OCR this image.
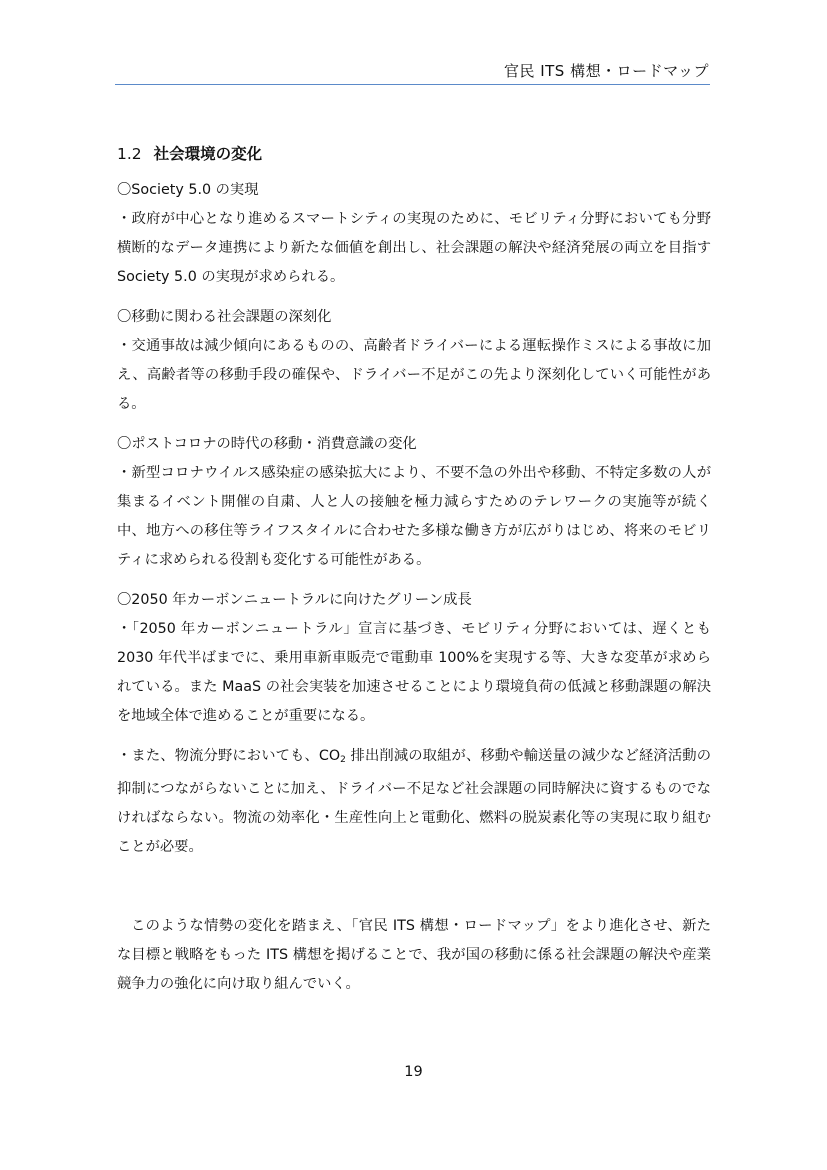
官民 ITS 構想・ロードマップ
1.2 社会環境の変化

〇Society 5.0 の実現

・政府が中心となり進めるスマートシティの実現のために、モビリティ分野においても分野横断的なデータ連携により新たな価値を創出し、社会課題の解決や経済発展の両立を目指す Society 5.0 の実現が求められる。

〇移動に関わる社会課題の深刻化

・交通事故は減少傾向にあるものの、高齢者ドライバーによる運転操作ミスによる事故に加え、高齢者等の移動手段の確保や、ドライバー不足がこの先より深刻化していく可能性がある。

〇ポストコロナの時代の移動・消費意識の変化

・新型コロナウイルス感染症の感染拡大により、不要不急の外出や移動、不特定多数の人が集まるイベント開催の自粛、人と人の接触を極力減らすためのテレワークの実施等が続く中、地方への移住等ライフスタイルに合わせた多様な働き方が広がりはじめ、将来のモビリティに求められる役割も変化する可能性がある。

〇2050 年カーボンニュートラルに向けたグリーン成長

・「2050 年カーボンニュートラル」宣言に基づき、モビリティ分野においては、遅くとも 2030 年代半ばまでに、乗用車新車販売で電動車 100%を実現する等、大きな変革が求められている。また MaaS の社会実装を加速させることにより環境負荷の低減と移動課題の解決を地域全体で進めることが重要になる。

・また、物流分野においても、$CO_2$ 排出削減の取組が、移動や輸送量の減少など経済活動の抑制につながらないことに加え、ドライバー不足など社会課題の同時解決に資するものでなければならない。物流の効率化・生産性向上と電動化、燃料の脱炭素化等の実現に取り組むことが必要。

このような情勢の変化を踏まえ、「官民 ITS 構想・ロードマップ」をより進化させ、新たな目標と戦略をもった ITS 構想を掲げることで、我が国の移動に係る社会課題の解決や産業競争力の強化に向け取り組んでいく。

19
